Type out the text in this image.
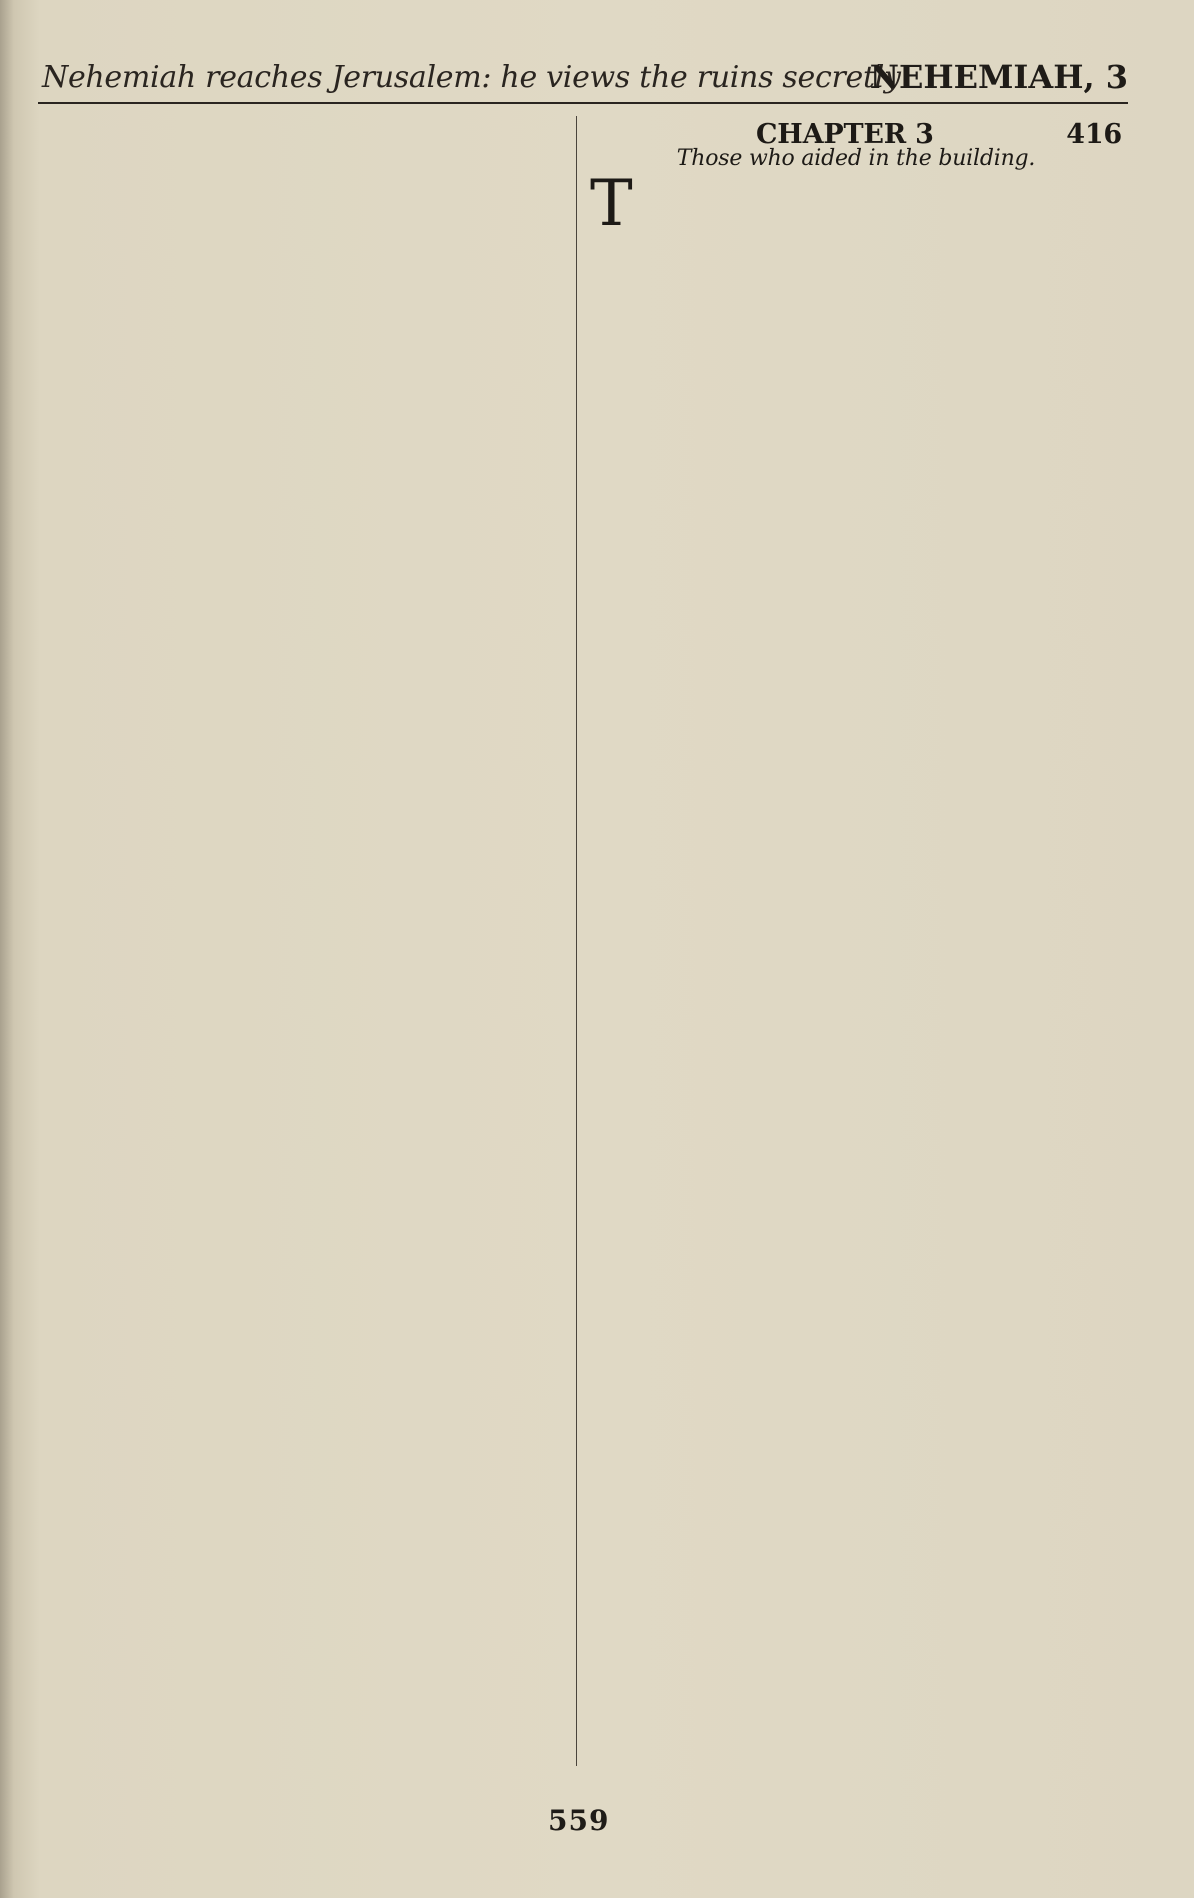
Nehemiah reaches Jerusalem: he views the ruins secretly
NEHEMIAH, 3
CHAPTER 3	416
Those who aided in the building.
T
559
